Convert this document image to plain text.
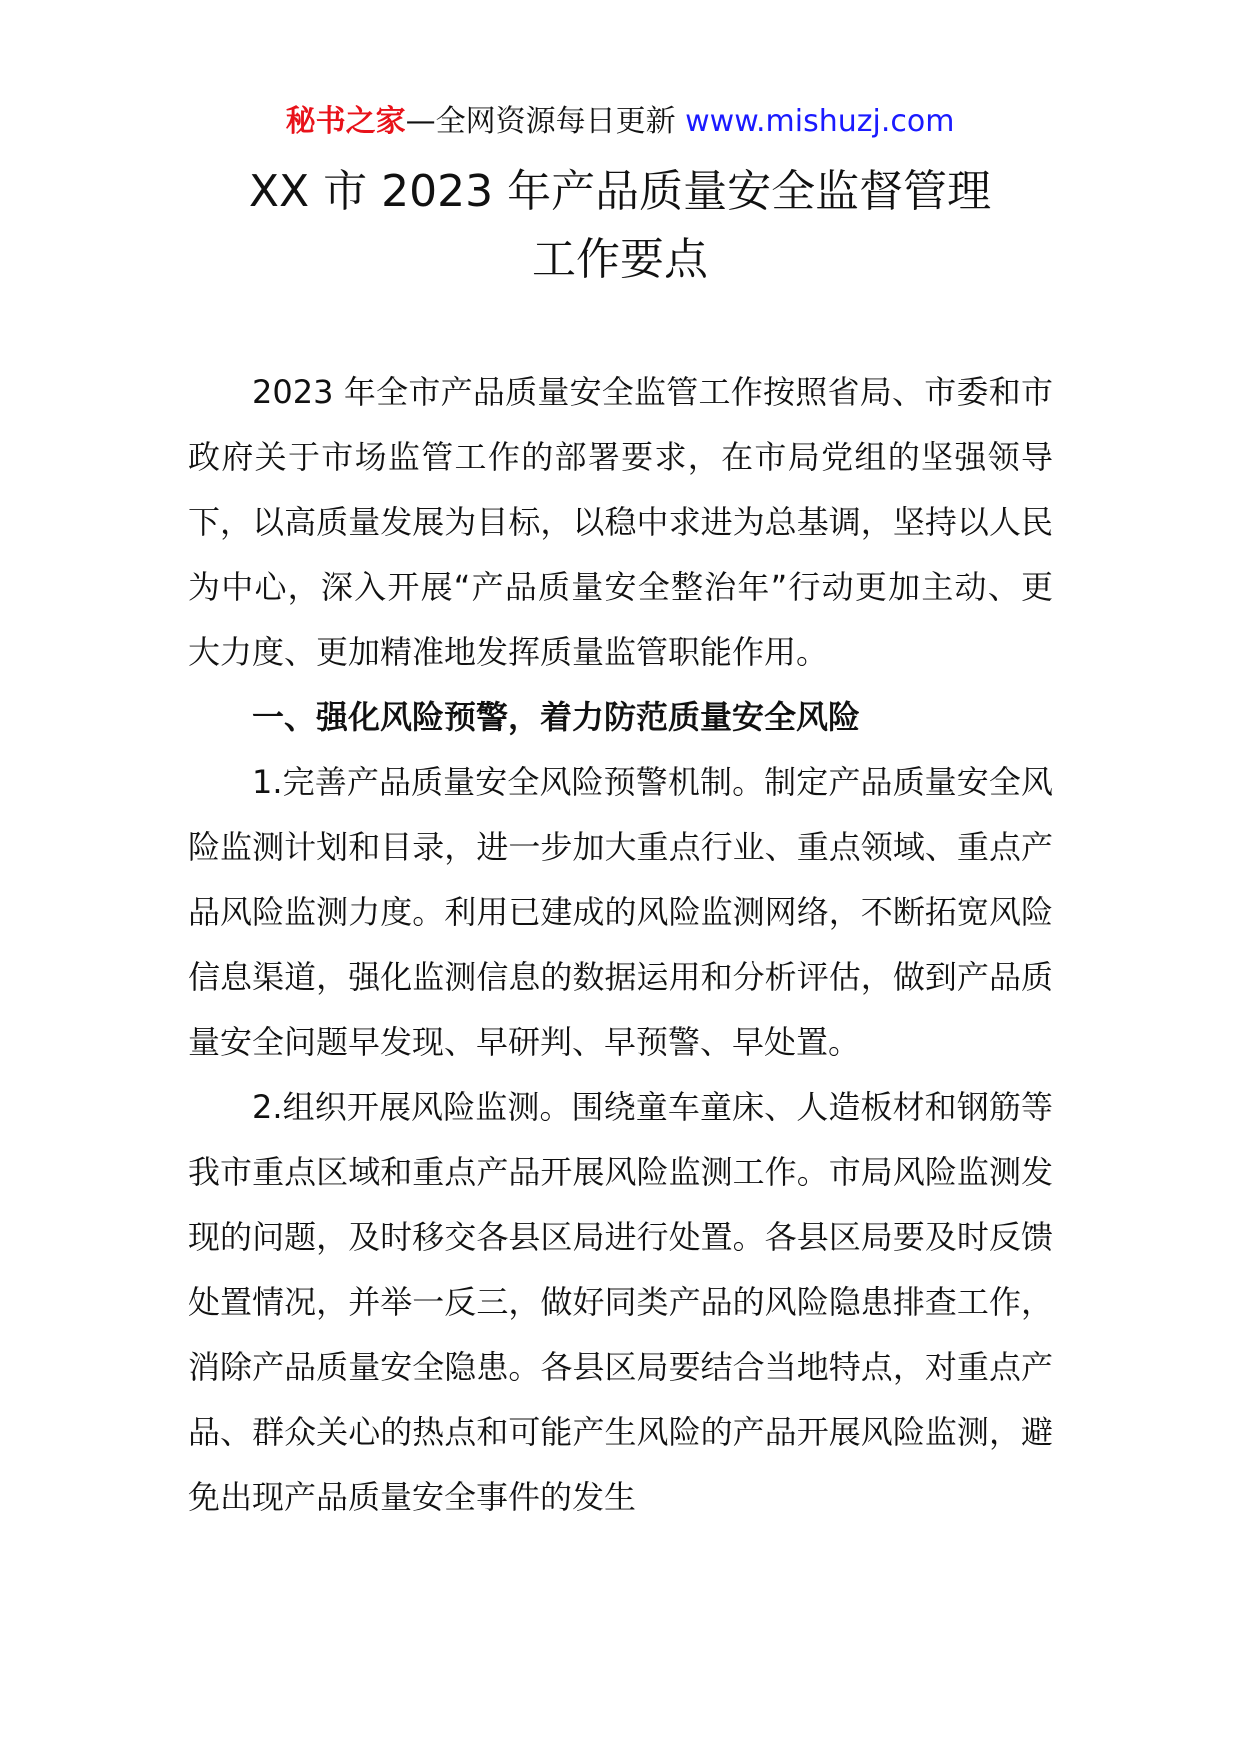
秘书之家—全网资源每日更新 www.mishuzj.com
XX 市 2023 年产品质量安全监督管理
工作要点

2023 年全市产品质量安全监管工作按照省局、市委和市政府关于市场监管工作的部署要求，在市局党组的坚强领导下，以高质量发展为目标，以稳中求进为总基调，坚持以人民为中心，深入开展“产品质量安全整治年”行动更加主动、更大力度、更加精准地发挥质量监管职能作用。

一、强化风险预警，着力防范质量安全风险

1.完善产品质量安全风险预警机制。制定产品质量安全风险监测计划和目录，进一步加大重点行业、重点领域、重点产品风险监测力度。利用已建成的风险监测网络，不断拓宽风险信息渠道，强化监测信息的数据运用和分析评估，做到产品质量安全问题早发现、早研判、早预警、早处置。

2.组织开展风险监测。围绕童车童床、人造板材和钢筋等我市重点区域和重点产品开展风险监测工作。市局风险监测发现的问题，及时移交各县区局进行处置。各县区局要及时反馈处置情况，并举一反三，做好同类产品的风险隐患排查工作，消除产品质量安全隐患。各县区局要结合当地特点，对重点产品、群众关心的热点和可能产生风险的产品开展风险监测，避免出现产品质量安全事件的发生
